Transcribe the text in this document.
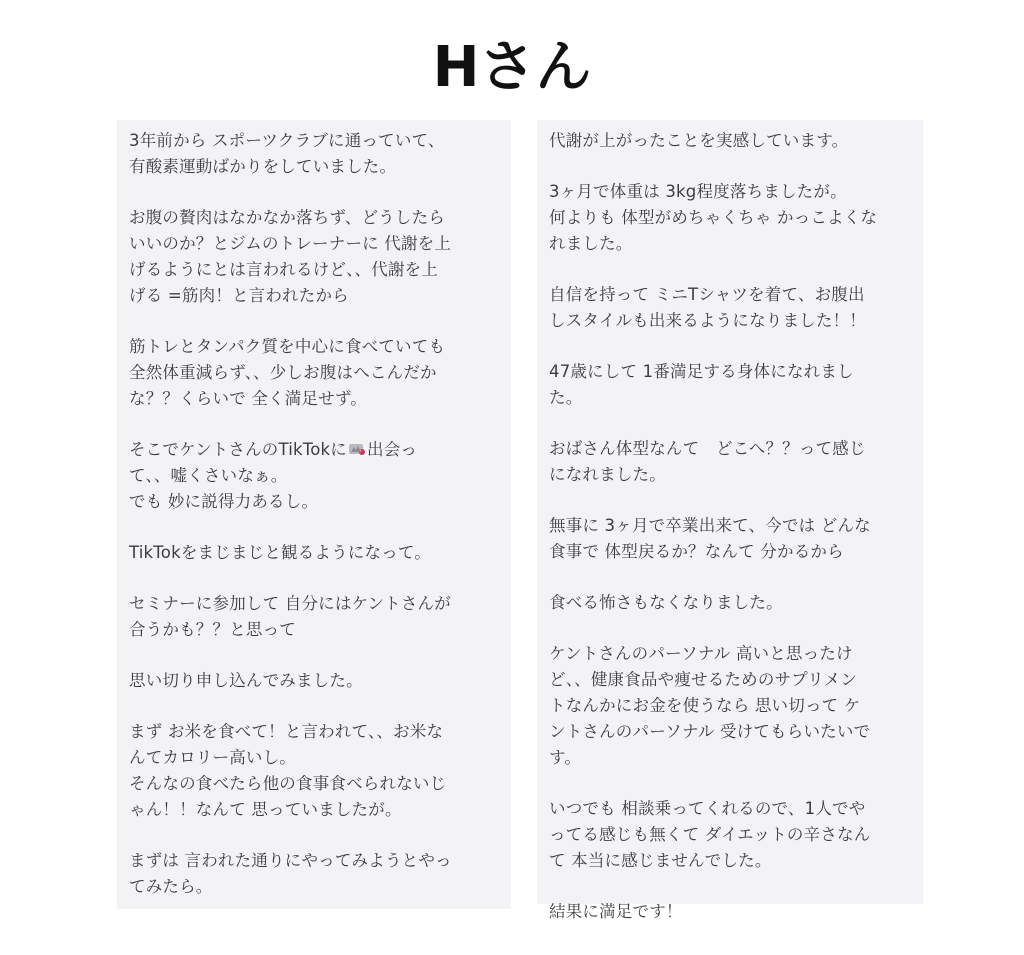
Hさん

3年前から スポーツクラブに通っていて、
有酸素運動ばかりをしていました。

お腹の贅肉はなかなか落ちず、どうしたら
いいのか？とジムのトレーナーに 代謝を上
げるようにとは言われるけど、、代謝を上
げる =筋肉！と言われたから

筋トレとタンパク質を中心に食べていても
全然体重減らず、、少しお腹はへこんだか
な？？くらいで 全く満足せず。

そこでケントさんのTikTokに 出会っ
て、、嘘くさいなぁ。
でも 妙に説得力あるし。

TikTokをまじまじと観るようになって。

セミナーに参加して 自分にはケントさんが
合うかも？？と思って

思い切り申し込んでみました。

まず お米を食べて！と言われて、、お米な
んてカロリー高いし。
そんなの食べたら他の食事食べられないじ
ゃん！！なんて 思っていましたが。

まずは 言われた通りにやってみようとやっ
てみたら。

代謝が上がったことを実感しています。

3ヶ月で体重は 3kg程度落ちましたが。
何よりも 体型がめちゃくちゃ かっこよくな
れました。

自信を持って ミニTシャツを着て、お腹出
しスタイルも出来るようになりました！！

47歳にして 1番満足する身体になれまし
た。

おばさん体型なんて　どこへ？？って感じ
になれました。

無事に 3ヶ月で卒業出来て、今では どんな
食事で 体型戻るか？なんて 分かるから

食べる怖さもなくなりました。

ケントさんのパーソナル 高いと思ったけ
ど、、健康食品や痩せるためのサプリメン
トなんかに︎お金を使うなら 思い切って ケ
ントさんのパーソナル 受けてもらいたいで
す。

いつでも 相談乗ってくれるので、1人でや
ってる感じも無くて ダイエットの辛さなん
て 本当に感じませんでした。

結果に満足です！
